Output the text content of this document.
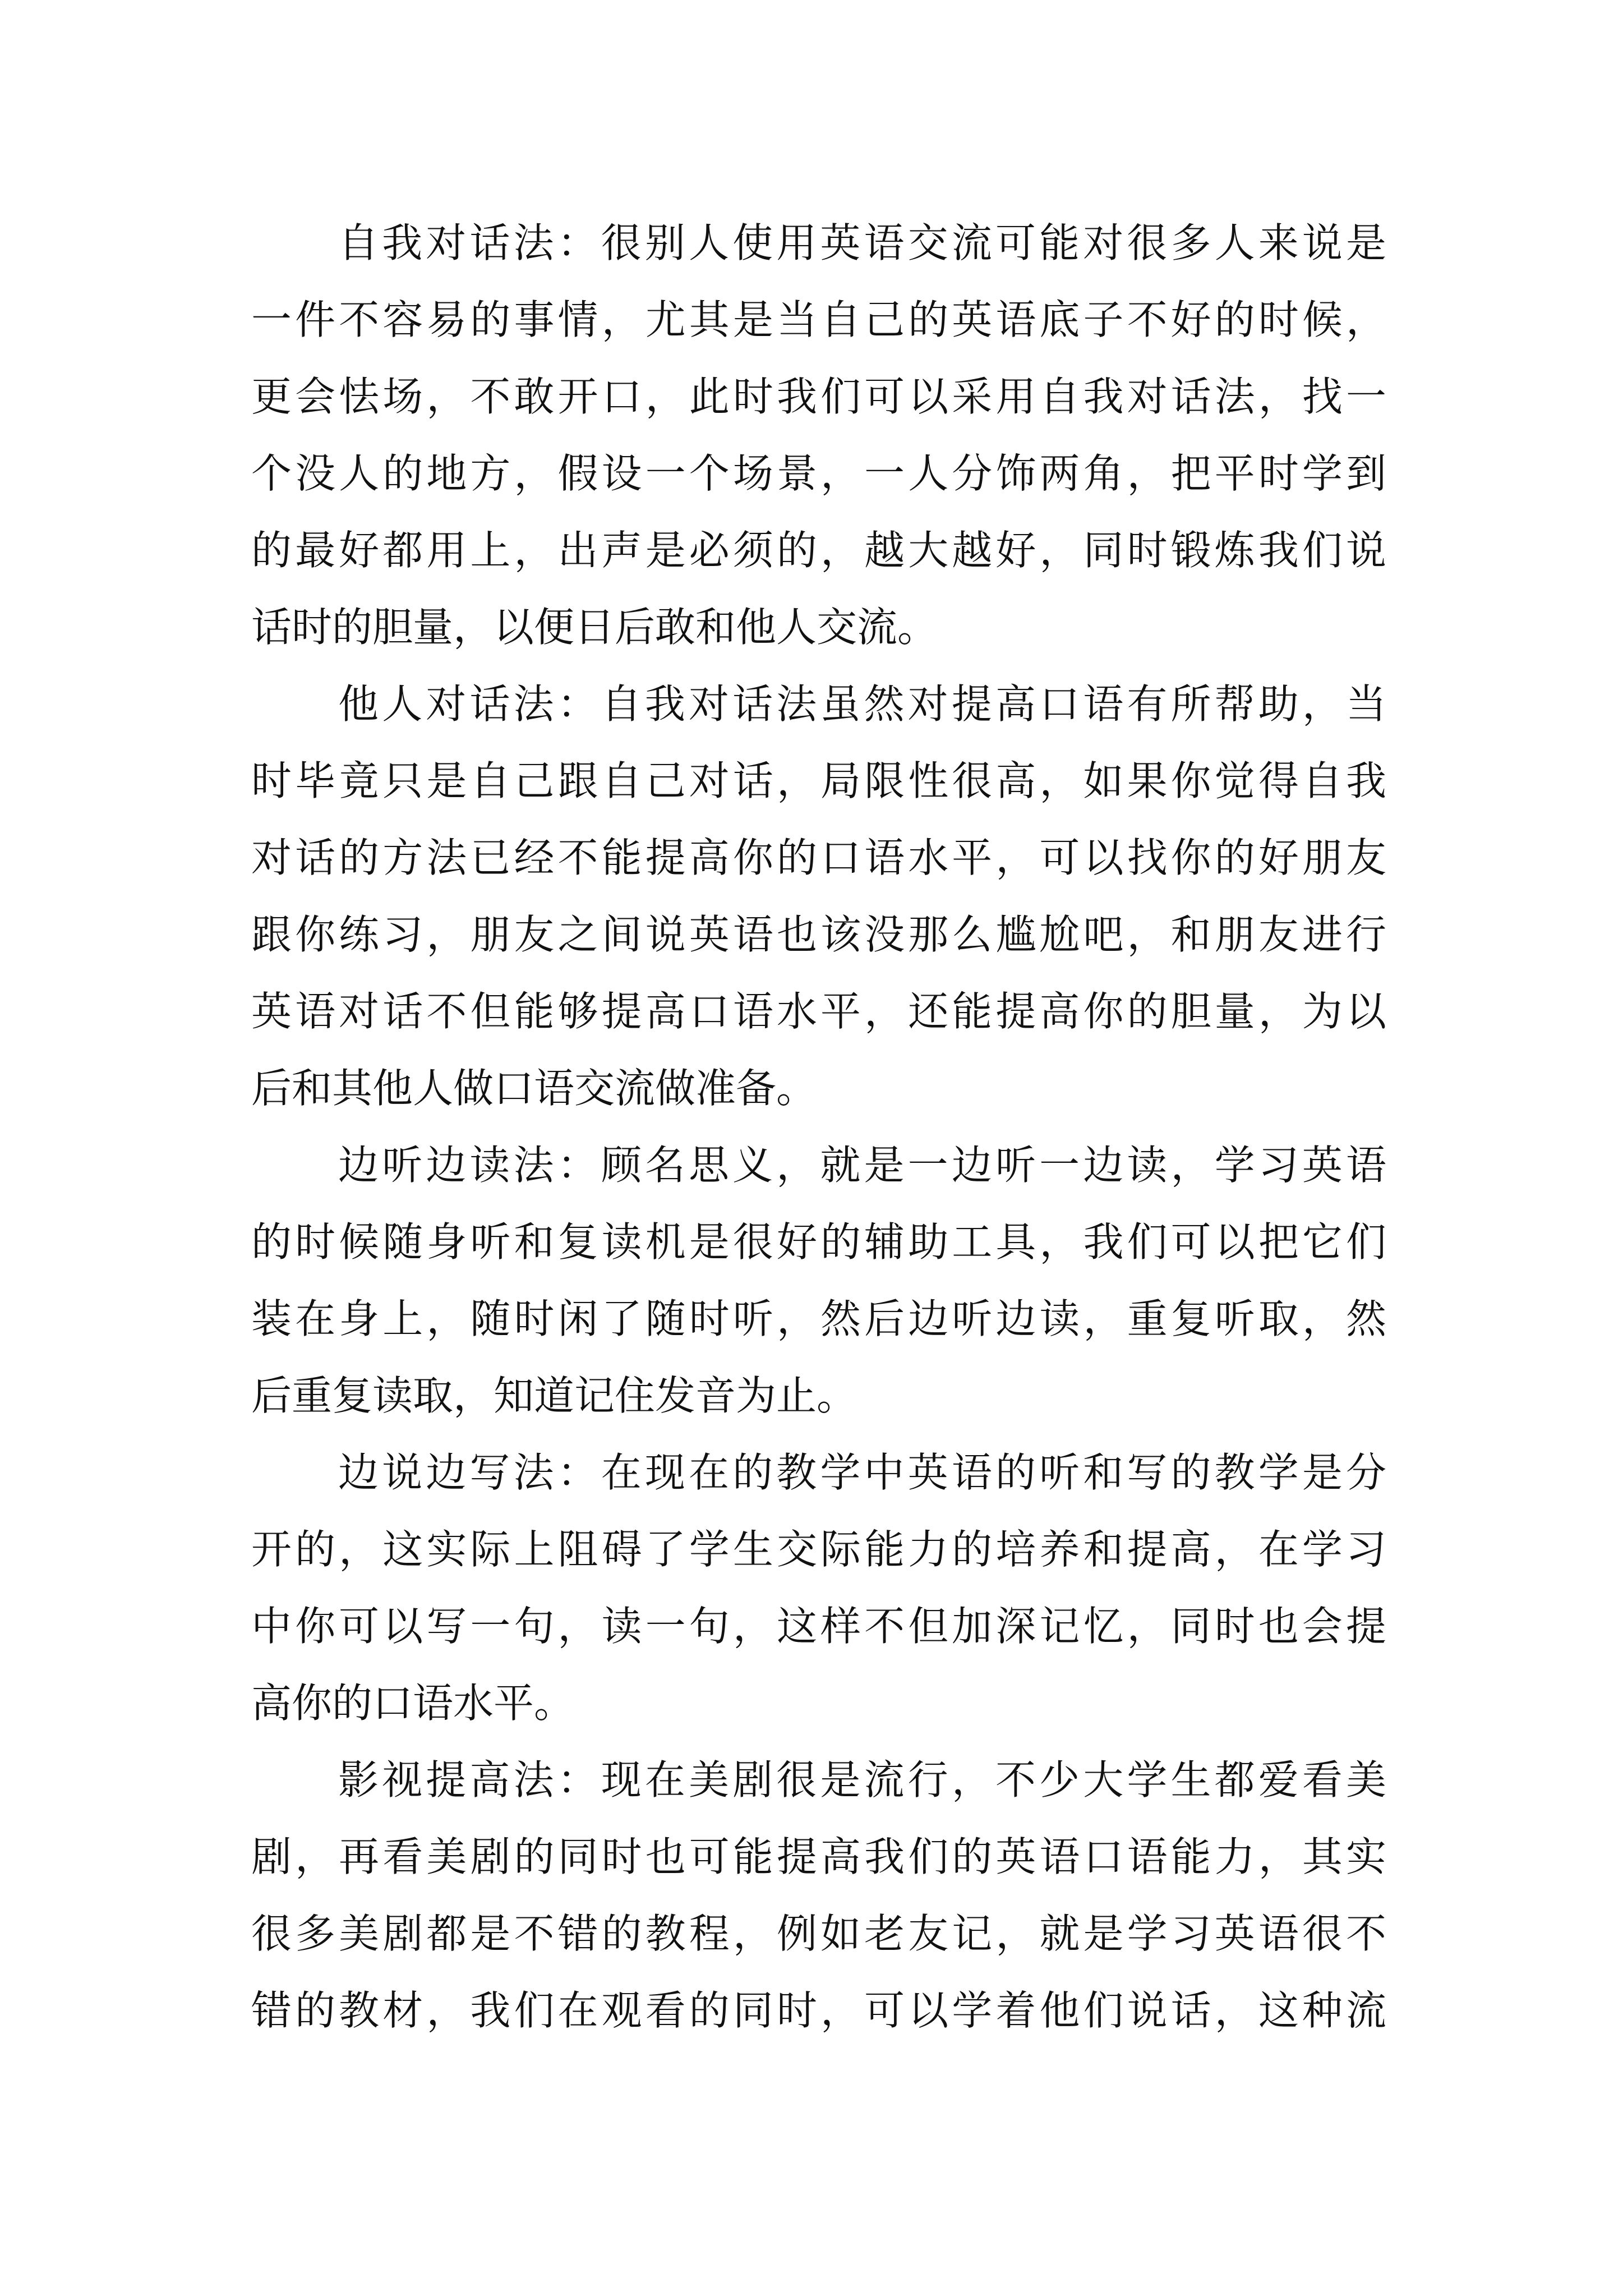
自我对话法：很别人使用英语交流可能对很多人来说是
一件不容易的事情，尤其是当自己的英语底子不好的时候，
更会怯场，不敢开口，此时我们可以采用自我对话法，找一
个没人的地方，假设一个场景，一人分饰两角，把平时学到
的最好都用上，出声是必须的，越大越好，同时锻炼我们说
话时的胆量，以便日后敢和他人交流。
他人对话法：自我对话法虽然对提高口语有所帮助，当
时毕竟只是自己跟自己对话，局限性很高，如果你觉得自我
对话的方法已经不能提高你的口语水平，可以找你的好朋友
跟你练习，朋友之间说英语也该没那么尴尬吧，和朋友进行
英语对话不但能够提高口语水平，还能提高你的胆量，为以
后和其他人做口语交流做准备。
边听边读法：顾名思义，就是一边听一边读，学习英语
的时候随身听和复读机是很好的辅助工具，我们可以把它们
装在身上，随时闲了随时听，然后边听边读，重复听取，然
后重复读取，知道记住发音为止。
边说边写法：在现在的教学中英语的听和写的教学是分
开的，这实际上阻碍了学生交际能力的培养和提高，在学习
中你可以写一句，读一句，这样不但加深记忆，同时也会提
高你的口语水平。
影视提高法：现在美剧很是流行，不少大学生都爱看美
剧，再看美剧的同时也可能提高我们的英语口语能力，其实
很多美剧都是不错的教程，例如老友记，就是学习英语很不
错的教材，我们在观看的同时，可以学着他们说话，这种流
